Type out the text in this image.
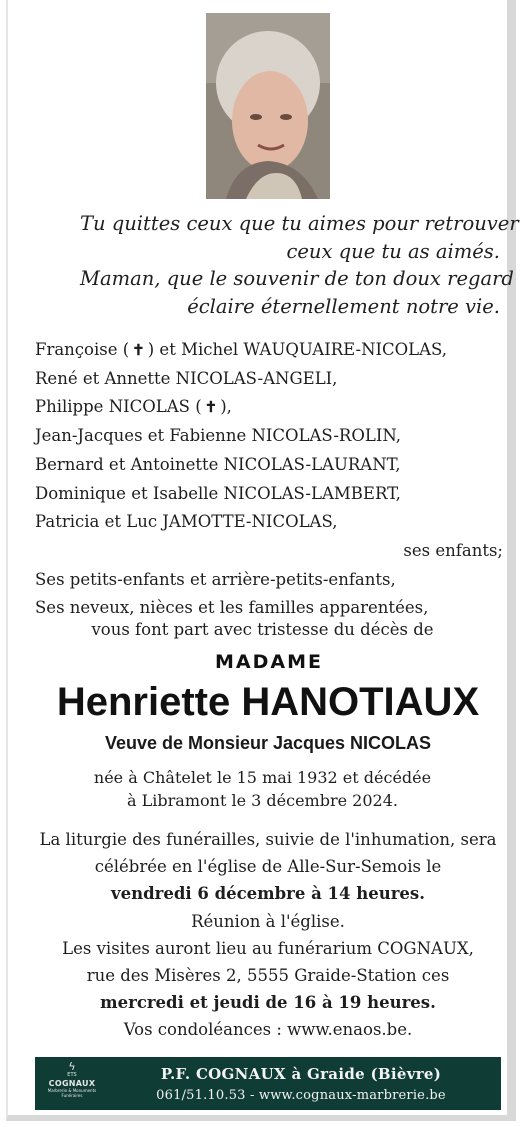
Tu quittes ceux que tu aimes pour retrouver
ceux que tu as aimés.
Maman, que le souvenir de ton doux regard
éclaire éternellement notre vie.
Françoise ( ✝ ) et Michel WAUQUAIRE-NICOLAS,
René et Annette NICOLAS-ANGELI,
Philippe NICOLAS ( ✝ ),
Jean-Jacques et Fabienne NICOLAS-ROLIN,
Bernard et Antoinette NICOLAS-LAURANT,
Dominique et Isabelle NICOLAS-LAMBERT,
Patricia et Luc JAMOTTE-NICOLAS,
ses enfants;
Ses petits-enfants et arrière-petits-enfants,
Ses neveux, nièces et les familles apparentées,
vous font part avec tristesse du décès de
MADAME
Henriette HANOTIAUX
Veuve de Monsieur Jacques NICOLAS
née à Châtelet le 15 mai 1932 et décédée
à Libramont le 3 décembre 2024.
La liturgie des funérailles, suivie de l'inhumation, sera
célébrée en l'église de Alle-Sur-Semois le
vendredi 6 décembre à 14 heures.
Réunion à l'église.
Les visites auront lieu au funérarium COGNAUX,
rue des Misères 2, 5555 Graide-Station ces
mercredi et jeudi de 16 à 19 heures.
Vos condoléances : www.enaos.be.
ϟ
ETS
COGNAUX
Marbrerie & Monuments Funéraires
P.F. COGNAUX à Graide (Bièvre)
061/51.10.53 - www.cognaux-marbrerie.be
